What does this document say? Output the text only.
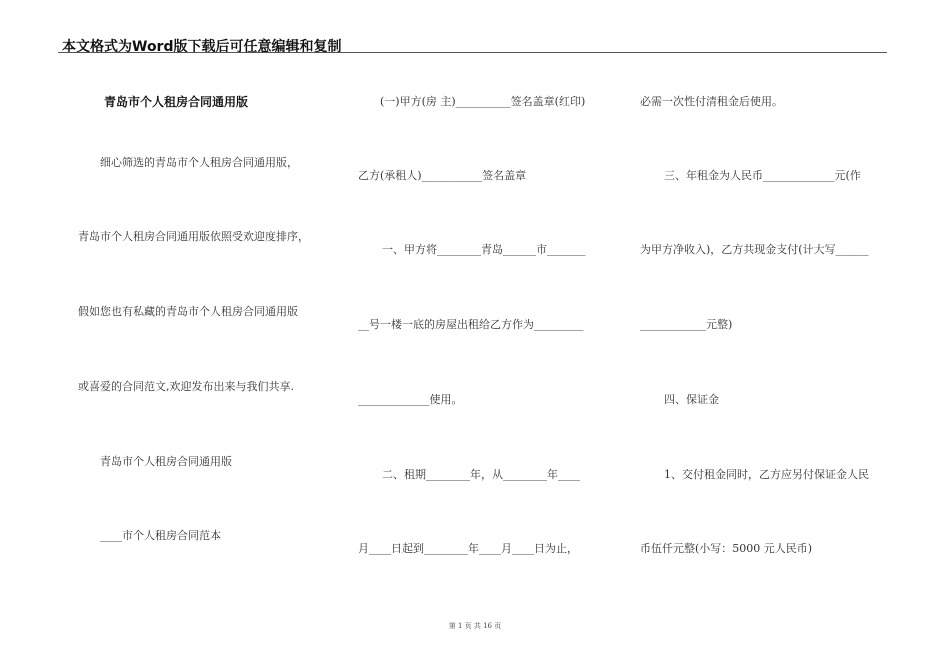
本文格式为Word版下载后可任意编辑和复制
青岛市个人租房合同通用版
细心筛选的青岛市个人租房合同通用版，
青岛市个人租房合同通用版依照受欢迎度排序，
假如您也有私藏的青岛市个人租房合同通用版
或喜爱的合同范文,欢迎发布出来与我们共享.
青岛市个人租房合同通用版
____市个人租房合同范本
(一)甲方(房 主)__________签名盖章(红印)
乙方(承租人)___________签名盖章
一、甲方将________青岛______市_______
__号一楼一底的房屋出租给乙方作为_________
_____________使用。
二、租期________年，从________年____
月____日起到________年____月____日为止，
必需一次性付清租金后使用。
三、年租金为人民币_____________元(作
为甲方净收入)，乙方共现金支付(计大写______
____________元整)
四、保证金
1、交付租金同时，乙方应另付保证金人民
币伍仟元整(小写：5000 元人民币)
第 1 页 共 16 页
